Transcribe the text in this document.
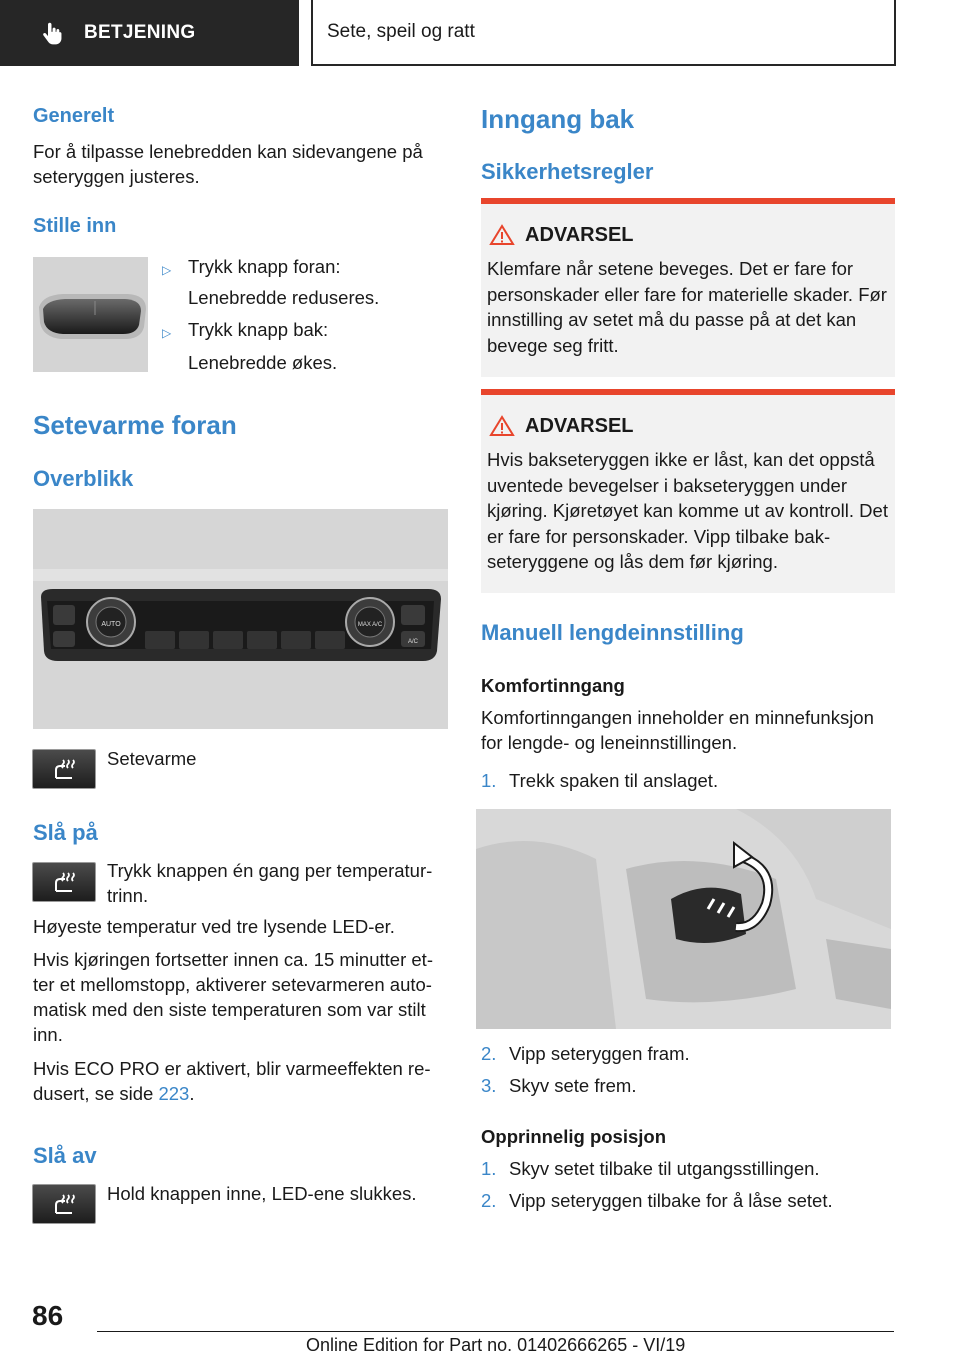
BETJENING	Sete, speil og ratt
Generelt
For å tilpasse lenebredden kan sidevangene på seteryggen justeres.
Stille inn
▷ Trykk knapp foran:
Lenebredde reduseres.
▷ Trykk knapp bak:
Lenebredde økes.
Setevarme foran
Overblikk
AUTO	MAX A/C
A/C
Setevarme
Slå på
Trykk knappen én gang per temperaturtrinn.
Høyeste temperatur ved tre lysende LED-er.
Hvis kjøringen fortsetter innen ca. 15 minutter etter et mellomstopp, aktiverer setevarmeren automatisk med den siste temperaturen som var stilt inn.
Hvis ECO PRO er aktivert, blir varmeeffekten redusert, se side 223.
Slå av
Hold knappen inne, LED-ene slukkes.
Inngang bak
Sikkerhetsregler
ADVARSEL
Klemfare når setene beveges. Det er fare for personskader eller fare for materielle skader. Før innstilling av setet må du passe på at det kan bevege seg fritt.
ADVARSEL
Hvis bakseteryggen ikke er låst, kan det oppstå uventede bevegelser i bakseteryggen under kjøring. Kjøretøyet kan komme ut av kontroll. Det er fare for personskader. Vipp tilbake bakseteryggene og lås dem før kjøring.
Manuell lengdeinnstilling
Komfortinngang
Komfortinngangen inneholder en minnefunksjon for lengde- og leneinnstillingen.
1. Trekk spaken til anslaget.
2. Vipp seteryggen fram.
3. Skyv sete frem.
Opprinnelig posisjon
1. Skyv setet tilbake til utgangsstillingen.
2. Vipp seteryggen tilbake for å låse setet.
86
Online Edition for Part no. 01402666265 - VI/19
